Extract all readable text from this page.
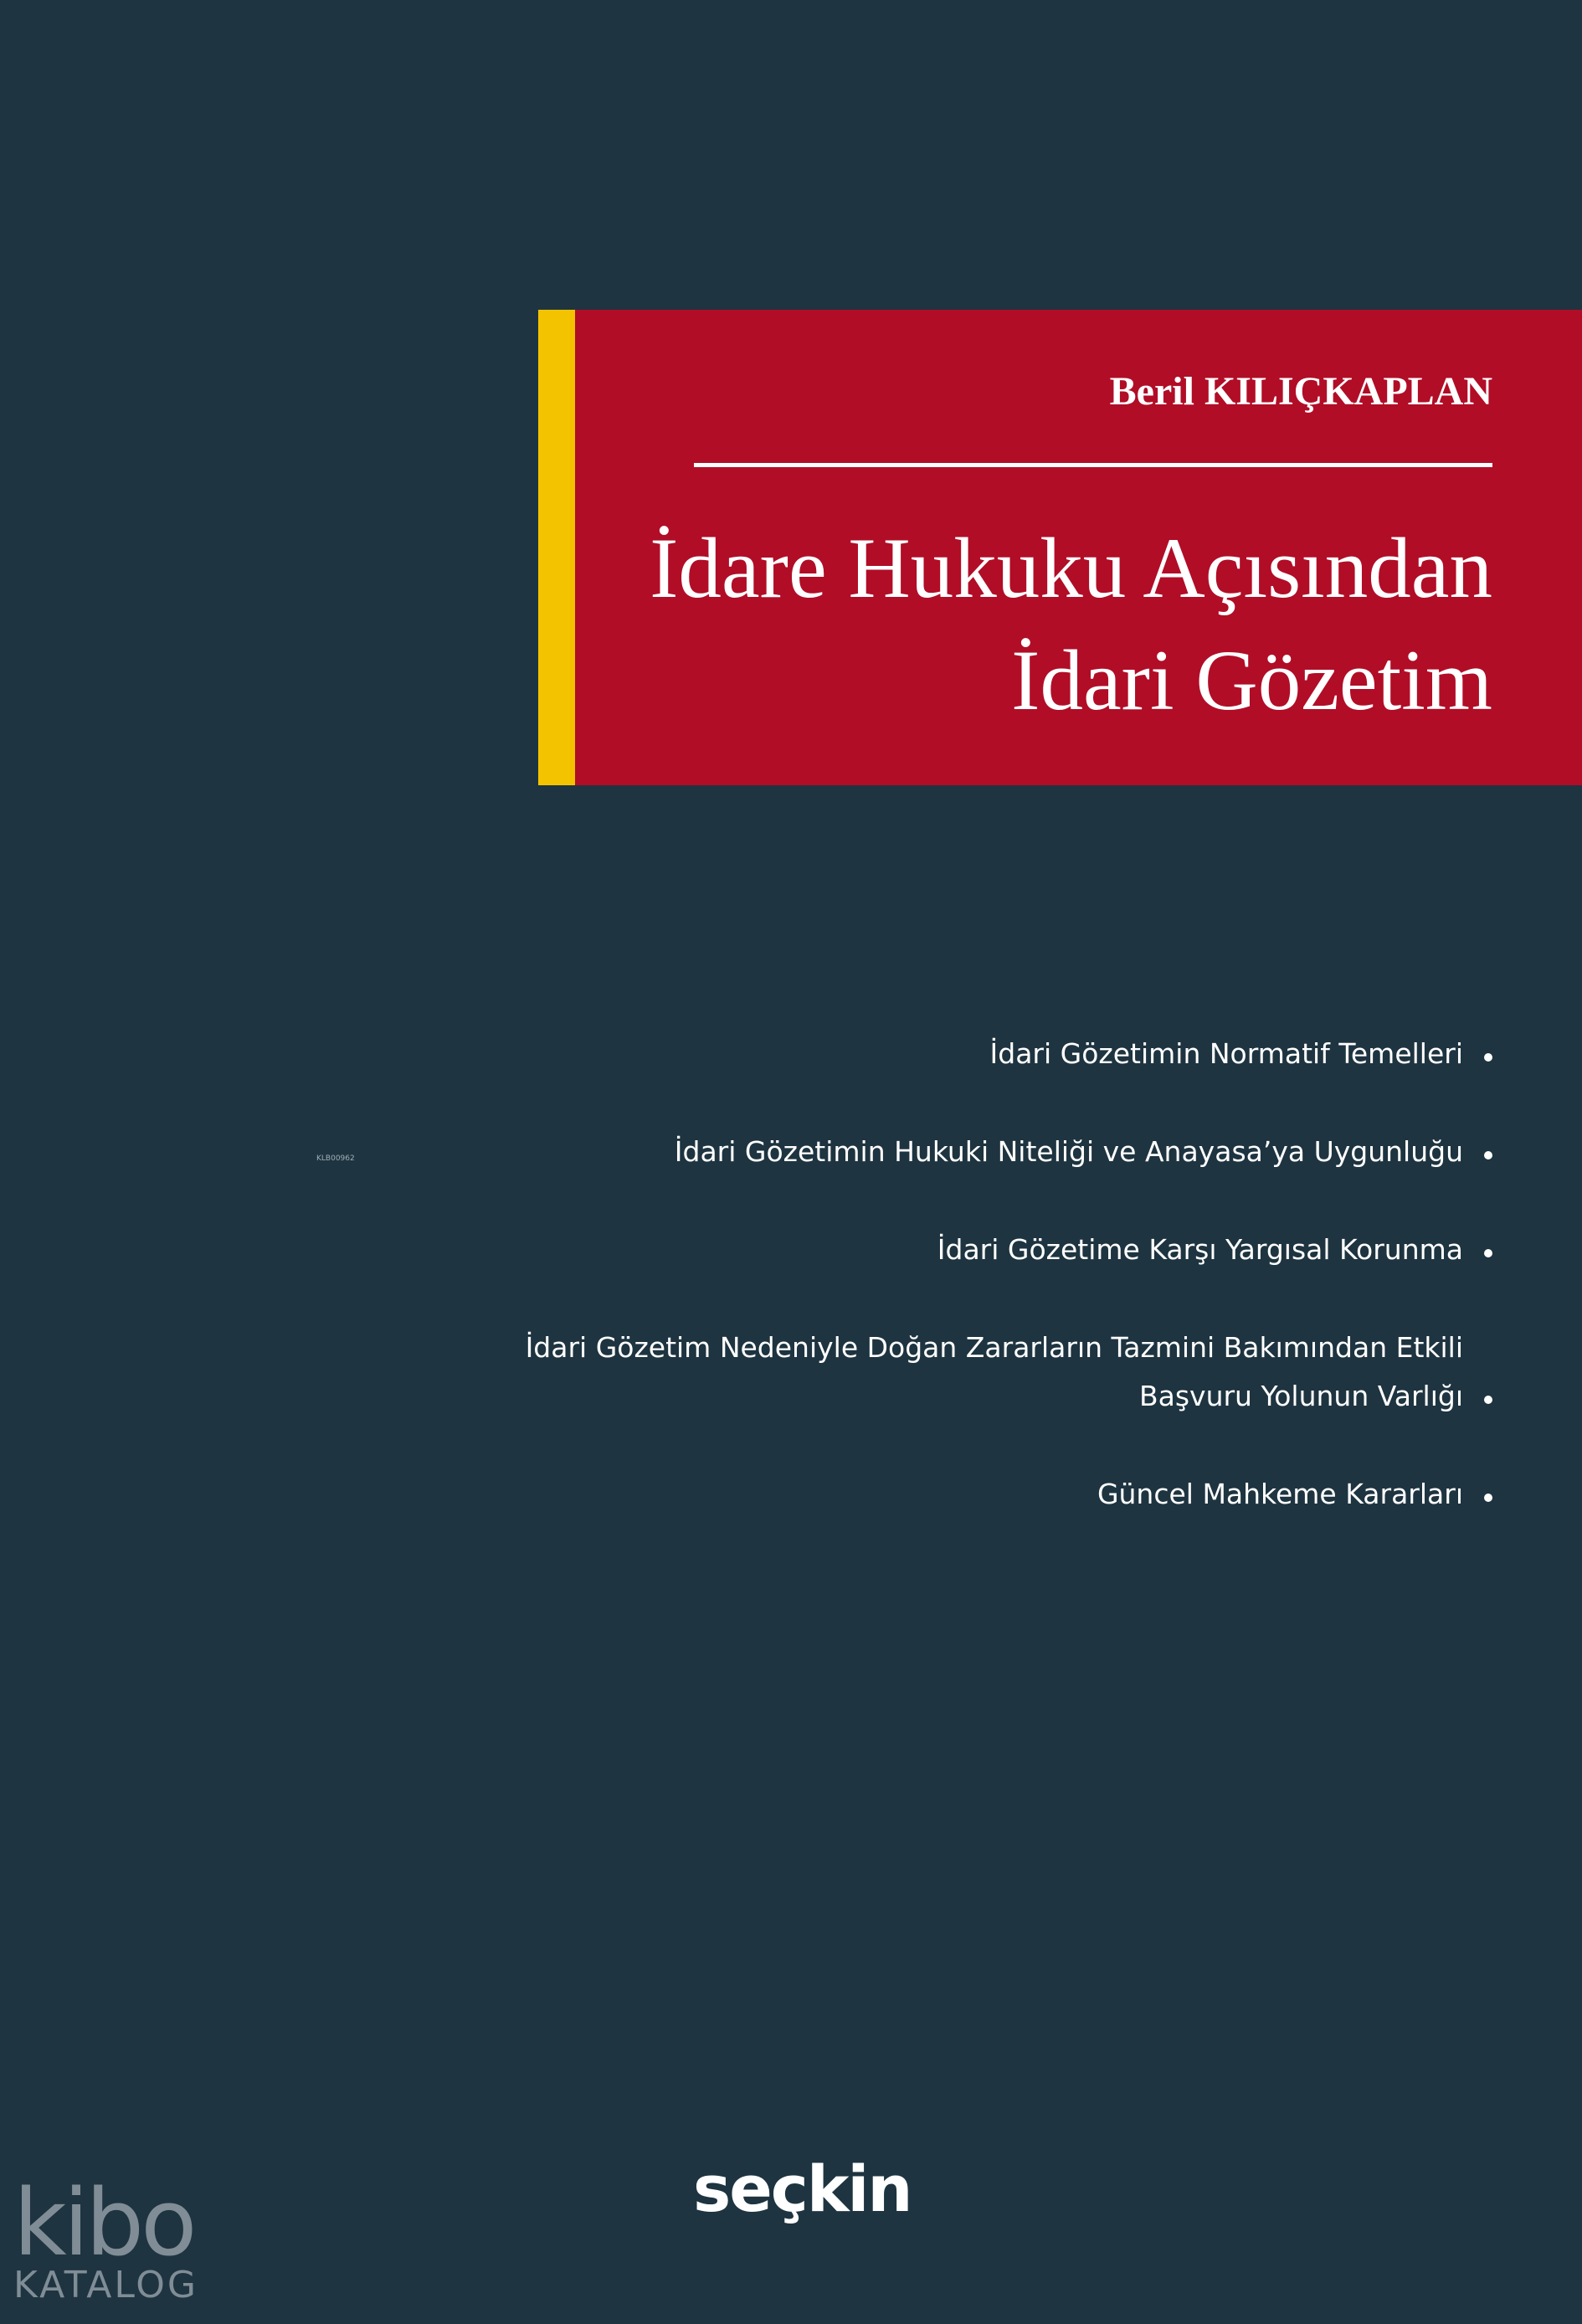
Beril KILIÇKAPLAN
İdare Hukuku Açısından
İdari Gözetim
KLB00962
İdari Gözetimin Normatif Temelleri
İdari Gözetimin Hukuki Niteliği ve Anayasa’ya Uygunluğu
İdari Gözetime Karşı Yargısal Korunma
İdari Gözetim Nedeniyle Doğan Zararların Tazmini Bakımından Etkili
Başvuru Yolunun Varlığı
Güncel Mahkeme Kararları
seçkin
kibo
KATALOG
